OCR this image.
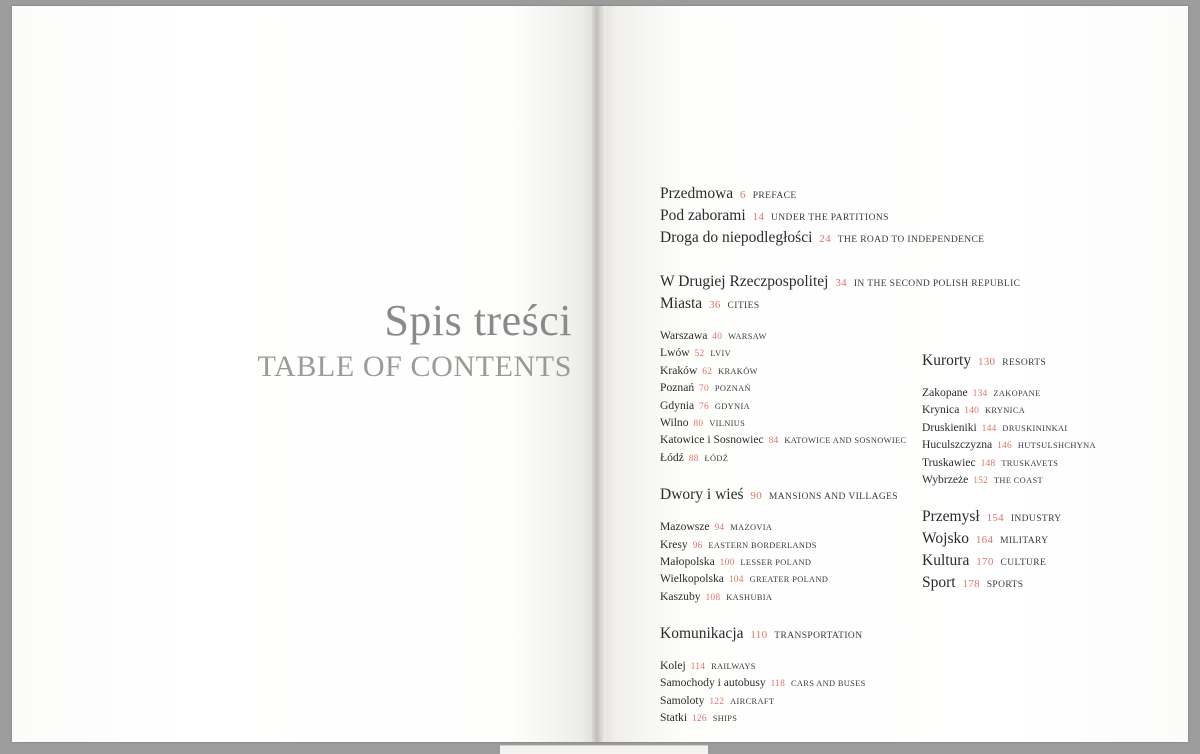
Spis treści
TABLE OF CONTENTS
Przedmowa 6 PREFACE
Pod zaborami 14 UNDER THE PARTITIONS
Droga do niepodległości 24 THE ROAD TO INDEPENDENCE
W Drugiej Rzeczpospolitej 34 IN THE SECOND POLISH REPUBLIC
Miasta 36 CITIES
Warszawa 40 WARSAW
Lwów 52 LVIV
Kraków 62 KRAKÓW
Poznań 70 POZNAŃ
Gdynia 76 GDYNIA
Wilno 80 VILNIUS
Katowice i Sosnowiec 84 KATOWICE AND SOSNOWIEC
Łódź 88 ŁÓDŹ
Dwory i wieś 90 MANSIONS AND VILLAGES
Mazowsze 94 MAZOVIA
Kresy 96 EASTERN BORDERLANDS
Małopolska 100 LESSER POLAND
Wielkopolska 104 GREATER POLAND
Kaszuby 108 KASHUBIA
Komunikacja 110 TRANSPORTATION
Kolej 114 RAILWAYS
Samochody i autobusy 118 CARS AND BUSES
Samoloty 122 AIRCRAFT
Statki 126 SHIPS
Kurorty 130 RESORTS
Zakopane 134 ZAKOPANE
Krynica 140 KRYNICA
Druskieniki 144 DRUSKININKAI
Huculszczyzna 146 HUTSULSHCHYNA
Truskawiec 148 TRUSKAVETS
Wybrzeże 152 THE COAST
Przemysł 154 INDUSTRY
Wojsko 164 MILITARY
Kultura 170 CULTURE
Sport 178 SPORTS
